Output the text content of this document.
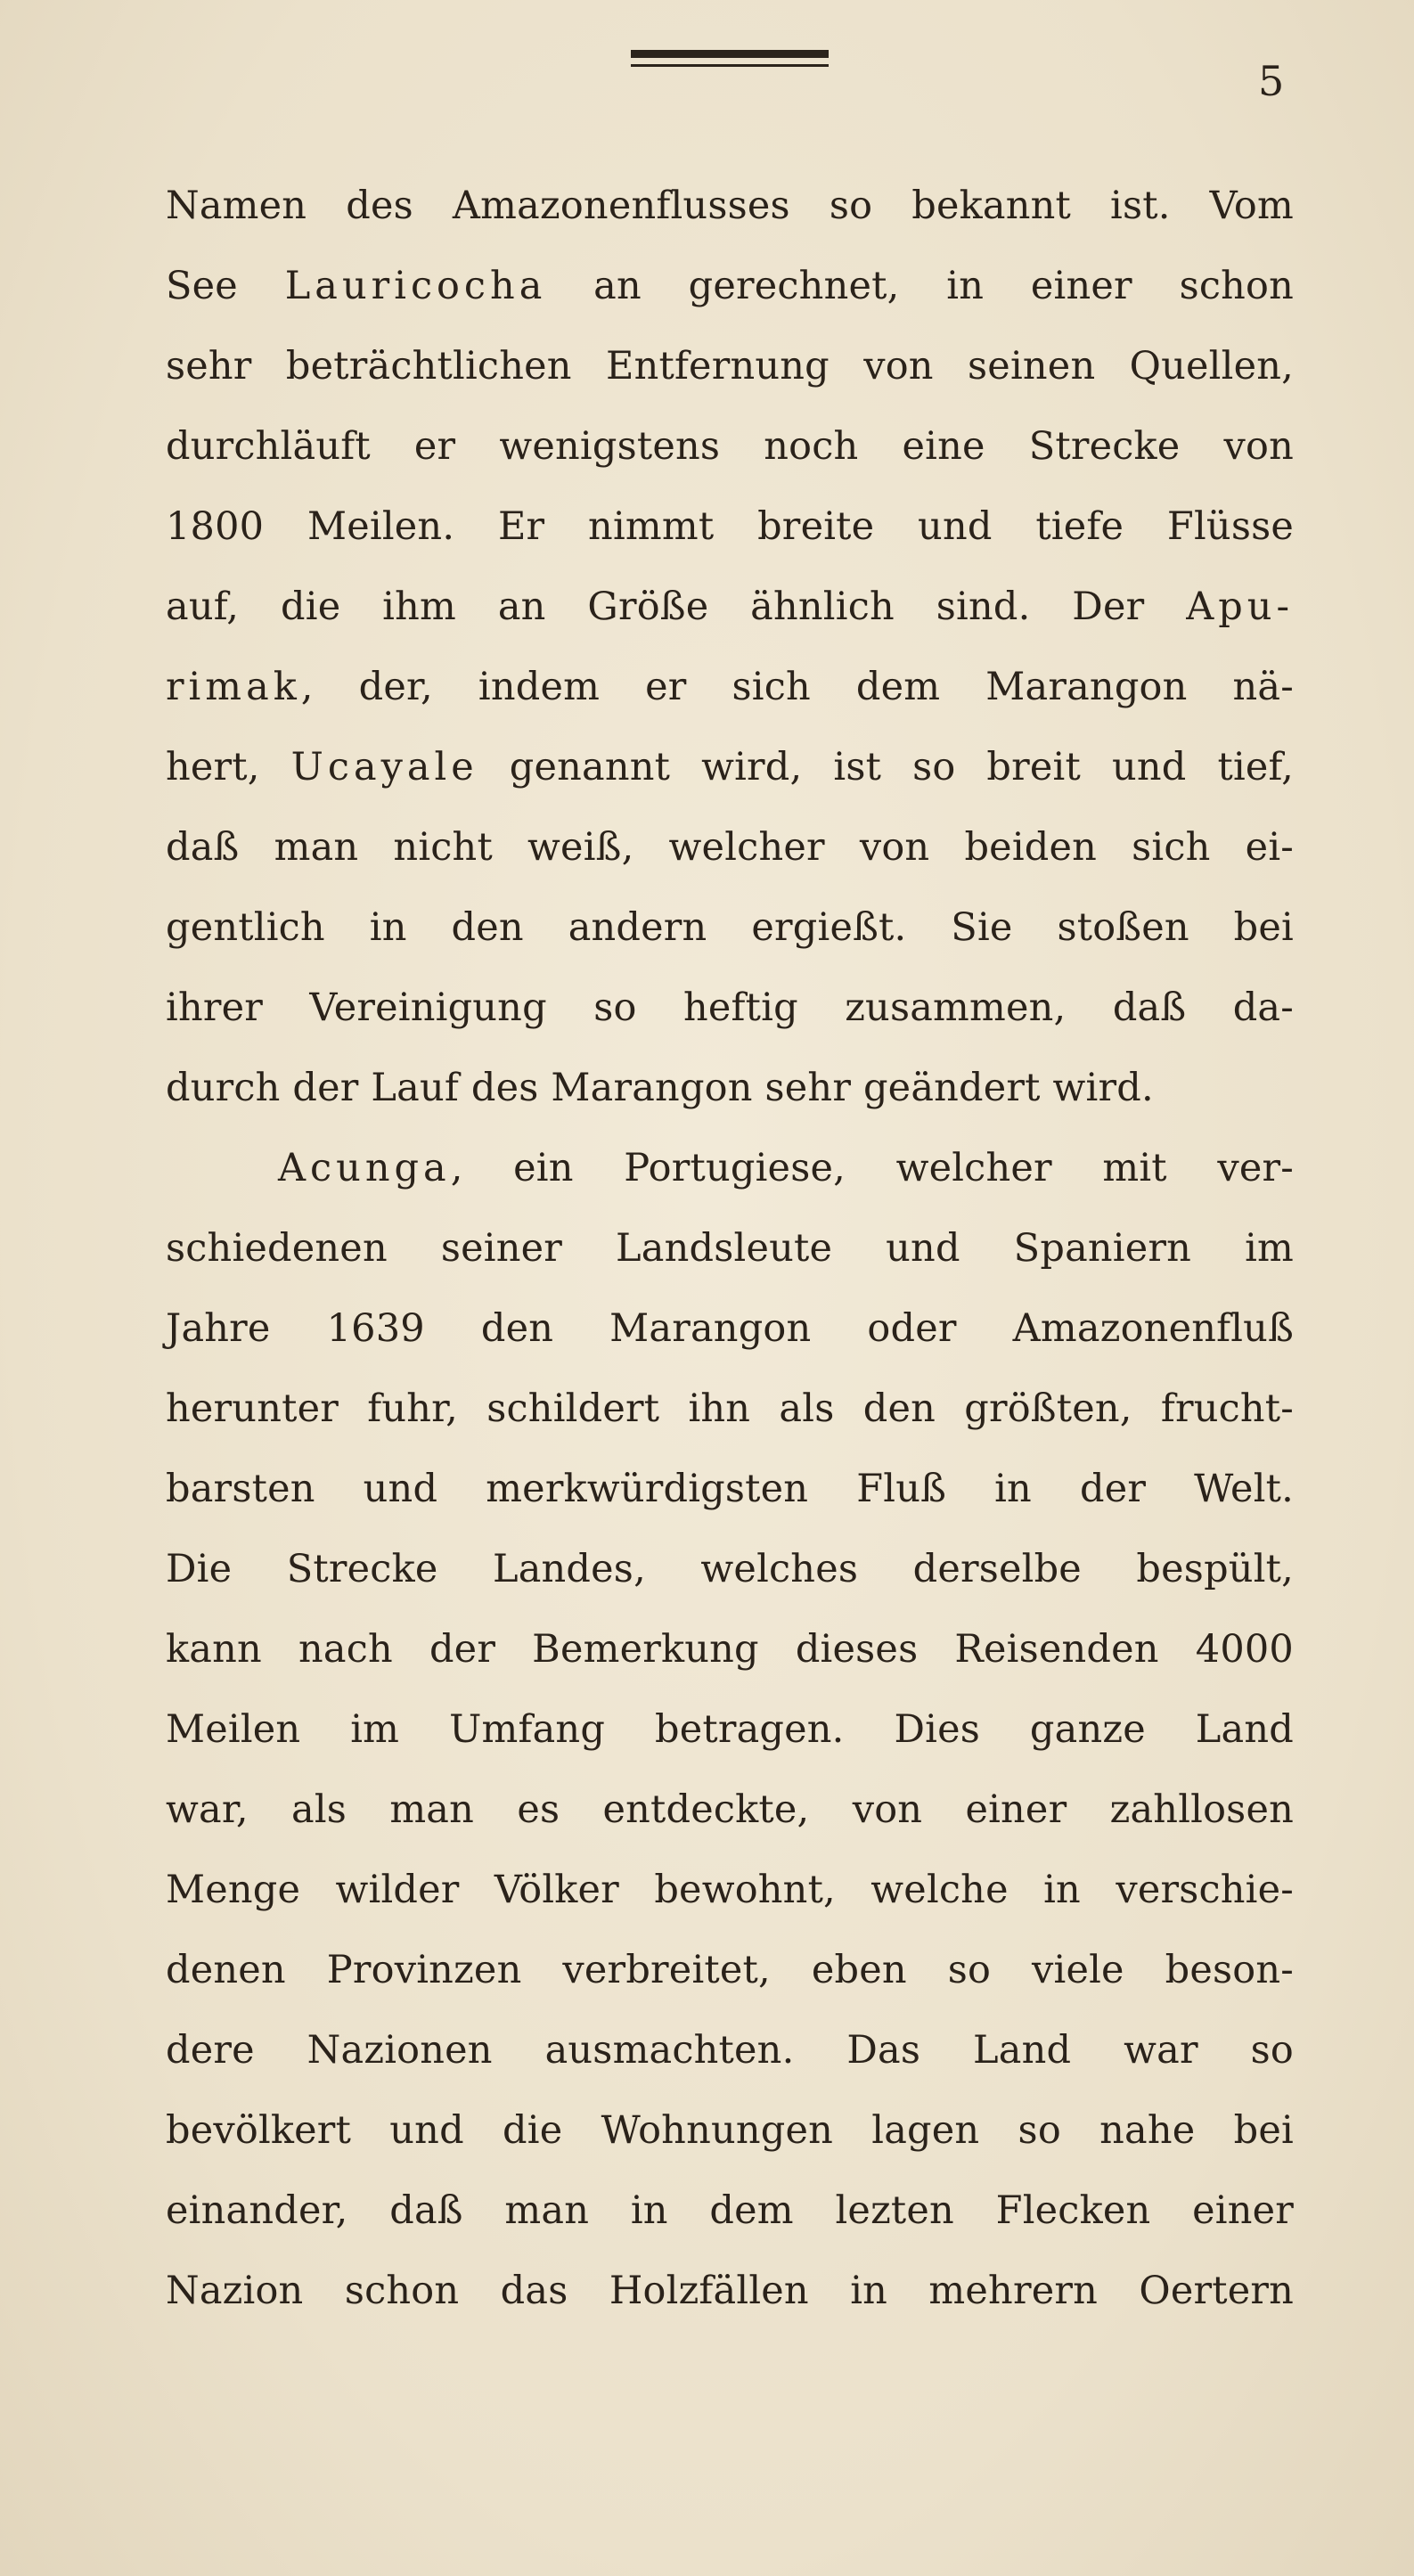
5
Namen des Amazonenflusses so bekannt ist. Vom
See Lauricocha an gerechnet, in einer schon
sehr beträchtlichen Entfernung von seinen Quellen,
durchläuft er wenigstens noch eine Strecke von
1800 Meilen. Er nimmt breite und tiefe Flüsse
auf, die ihm an Größe ähnlich sind. Der Apu-
rimak, der, indem er sich dem Marangon nä-
hert, Ucayale genannt wird, ist so breit und tief,
daß man nicht weiß, welcher von beiden sich ei-
gentlich in den andern ergießt. Sie stoßen bei
ihrer Vereinigung so heftig zusammen, daß da-
durch der Lauf des Marangon sehr geändert wird.
Acunga, ein Portugiese, welcher mit ver-
schiedenen seiner Landsleute und Spaniern im
Jahre 1639 den Marangon oder Amazonenfluß
herunter fuhr, schildert ihn als den größten, frucht-
barsten und merkwürdigsten Fluß in der Welt.
Die Strecke Landes, welches derselbe bespült,
kann nach der Bemerkung dieses Reisenden 4000
Meilen im Umfang betragen. Dies ganze Land
war, als man es entdeckte, von einer zahllosen
Menge wilder Völker bewohnt, welche in verschie-
denen Provinzen verbreitet, eben so viele beson-
dere Nazionen ausmachten. Das Land war so
bevölkert und die Wohnungen lagen so nahe bei
einander, daß man in dem lezten Flecken einer
Nazion schon das Holzfällen in mehrern Oertern
